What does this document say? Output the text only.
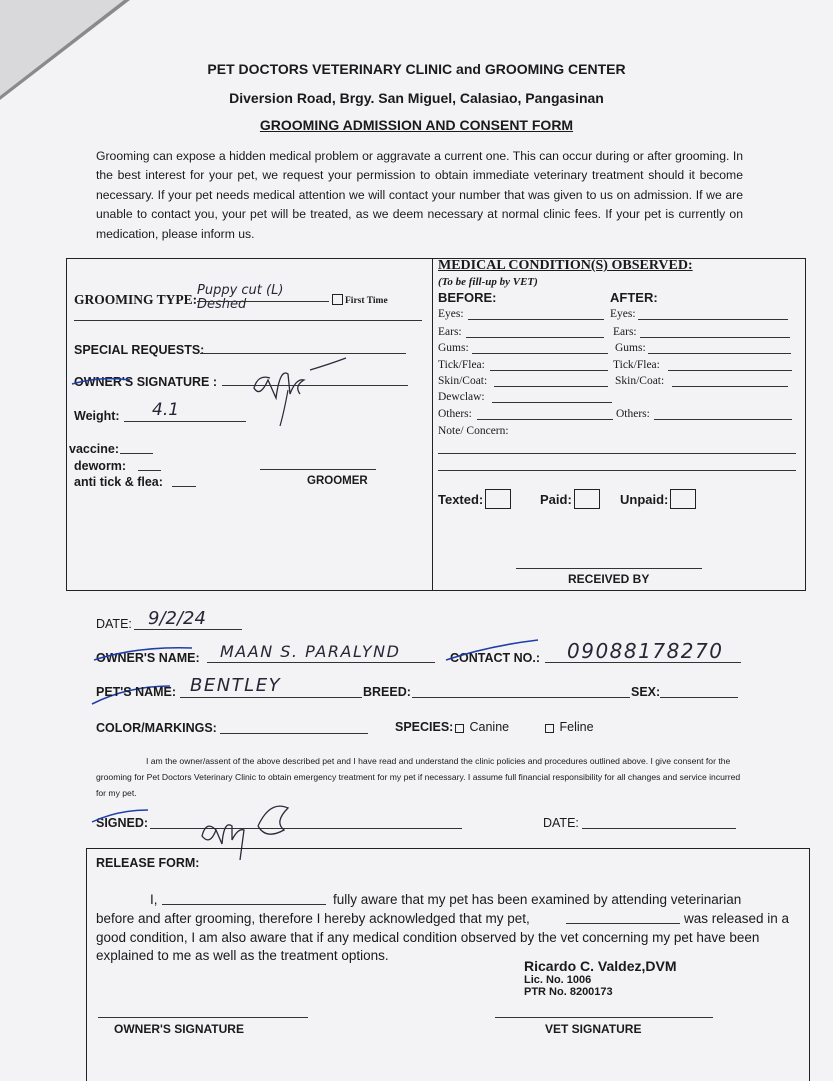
PET DOCTORS VETERINARY CLINIC and GROOMING CENTER
Diversion Road, Brgy. San Miguel, Calasiao, Pangasinan
GROOMING ADMISSION AND CONSENT FORM
Grooming can expose a hidden medical problem or aggravate a current one. This can occur during or after grooming. In the best interest for your pet, we request your permission to obtain immediate veterinary treatment should it become necessary. If your pet needs medical attention we will contact your number that was given to us on admission. If we are unable to contact you, your pet will be treated, as we deem necessary at normal clinic fees. If your pet is currently on medication, please inform us.
GROOMING TYPE:
Puppy cut (L) Deshed	First Time
SPECIAL REQUESTS:
OWNER'S SIGNATURE :
Weight: 4.1
vaccine:
deworm:
anti tick & flea:	GROOMER
MEDICAL CONDITION(S) OBSERVED:
(To be fill-up by VET)
BEFORE:	AFTER:
Eyes:	Eyes:
Ears:	Ears:
Gums:	Gums:
Tick/Flea:	Tick/Flea:
Skin/Coat:	Skin/Coat:
Dewclaw:
Others:	Others:
Note/ Concern:
Texted:	Paid:	Unpaid:
RECEIVED BY
DATE: 9/2/24
OWNER'S NAME: MAAN S. PARALYND	CONTACT NO.: 09088178270
PET'S NAME: BENTLEY	BREED:	SEX:
COLOR/MARKINGS:	SPECIES:	Canine	Feline
I am the owner/assent of the above described pet and I have read and understand the clinic policies and procedures outlined above. I give consent for the grooming for Pet Doctors Veterinary Clinic to obtain emergency treatment for my pet if necessary. I assume full financial responsibility for all changes and service incurred for my pet.
SIGNED:	DATE:
RELEASE FORM:
I,	fully aware that my pet has been examined by attending veterinarian
before and after grooming, therefore I hereby acknowledged that my pet,	was released in a
good condition, I am also aware that if any medical condition observed by the vet concerning my pet have been
explained to me as well as the treatment options.
Ricardo C. Valdez,DVM
Lic. No. 1006
PTR No. 8200173
OWNER'S SIGNATURE	VET SIGNATURE
